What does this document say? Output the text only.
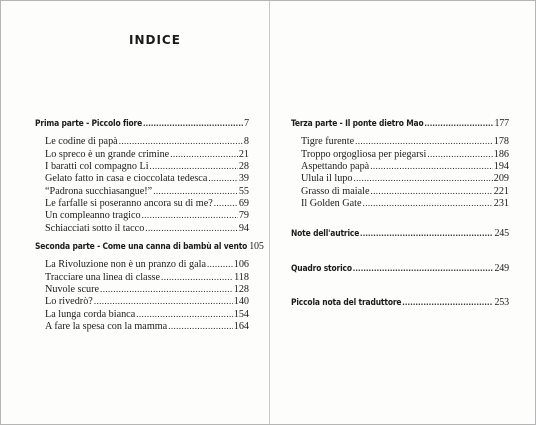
INDICE
Prima parte - Piccolo fiore .....	7
Le codine di papà .....	8
Lo spreco è un grande crimine .....	21
I baratti col compagno Li .....	28
Gelato fatto in casa e cioccolata tedesca .....	39
“Padrona succhiasangue!” .....	55
Le farfalle si poseranno ancora su di me? .....	69
Un compleanno tragico .....	79
Schiacciati sotto il tacco .....	94
Seconda parte - Come una canna di bambù al vento 105
La Rivoluzione non è un pranzo di gala .....	106
Tracciare una linea di classe .....	118
Nuvole scure .....	128
Lo rivedrò? .....	140
La lunga corda bianca .....	154
A fare la spesa con la mamma .....	164
Terza parte - Il ponte dietro Mao .....	177
Tigre furente .....	178
Troppo orgogliosa per piegarsi .....	186
Aspettando papà .....	194
Ulula il lupo .....	209
Grasso di maiale .....	221
Il Golden Gate .....	231
Note dell'autrice .....	245
Quadro storico .....	249
Piccola nota del traduttore .....	253
